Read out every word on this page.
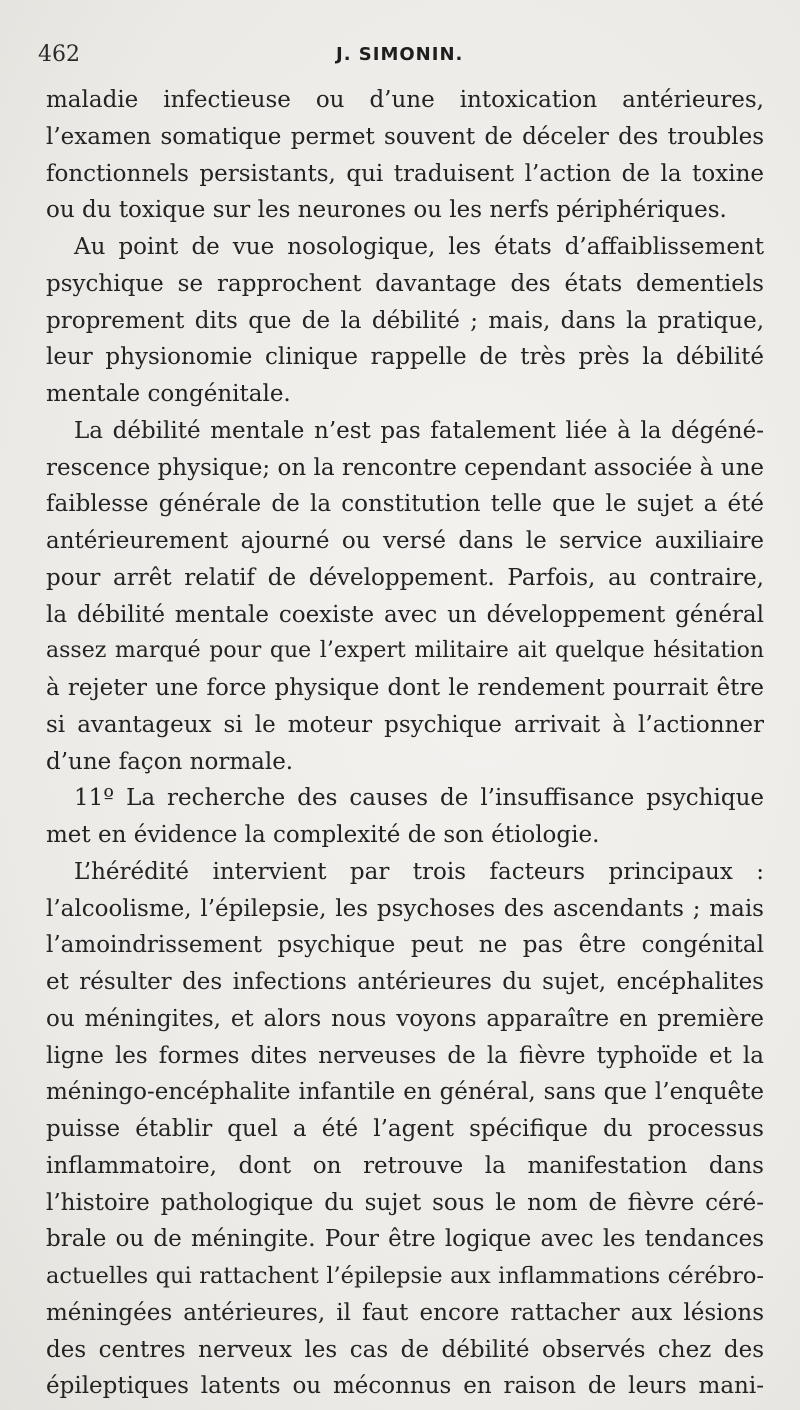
462	J. SIMONIN.
maladie infectieuse ou d’une intoxication antérieures,
l’examen somatique permet souvent de déceler des troubles
fonctionnels persistants, qui traduisent l’action de la toxine
ou du toxique sur les neurones ou les nerfs périphériques.
Au point de vue nosologique, les états d’affaiblissement
psychique se rapprochent davantage des états dementiels
proprement dits que de la débilité ; mais, dans la pratique,
leur physionomie clinique rappelle de très près la débilité
mentale congénitale.
La débilité mentale n’est pas fatalement liée à la dégéné-
rescence physique; on la rencontre cependant associée à une
faiblesse générale de la constitution telle que le sujet a été
antérieurement ajourné ou versé dans le service auxiliaire
pour arrêt relatif de développement. Parfois, au contraire,
la débilité mentale coexiste avec un développement général
assez marqué pour que l’expert militaire ait quelque hésitation
à rejeter une force physique dont le rendement pourrait être
si avantageux si le moteur psychique arrivait à l’actionner
d’une façon normale.
11º La recherche des causes de l’insuffisance psychique
met en évidence la complexité de son étiologie.
L’hérédité intervient par trois facteurs principaux :
l’alcoolisme, l’épilepsie, les psychoses des ascendants ; mais
l’amoindrissement psychique peut ne pas être congénital
et résulter des infections antérieures du sujet, encéphalites
ou méningites, et alors nous voyons apparaître en première
ligne les formes dites nerveuses de la fièvre typhoïde et la
méningo-encéphalite infantile en général, sans que l’enquête
puisse établir quel a été l’agent spécifique du processus
inflammatoire, dont on retrouve la manifestation dans
l’histoire pathologique du sujet sous le nom de fièvre céré-
brale ou de méningite. Pour être logique avec les tendances
actuelles qui rattachent l’épilepsie aux inflammations cérébro-
méningées antérieures, il faut encore rattacher aux lésions
des centres nerveux les cas de débilité observés chez des
épileptiques latents ou méconnus en raison de leurs mani-
